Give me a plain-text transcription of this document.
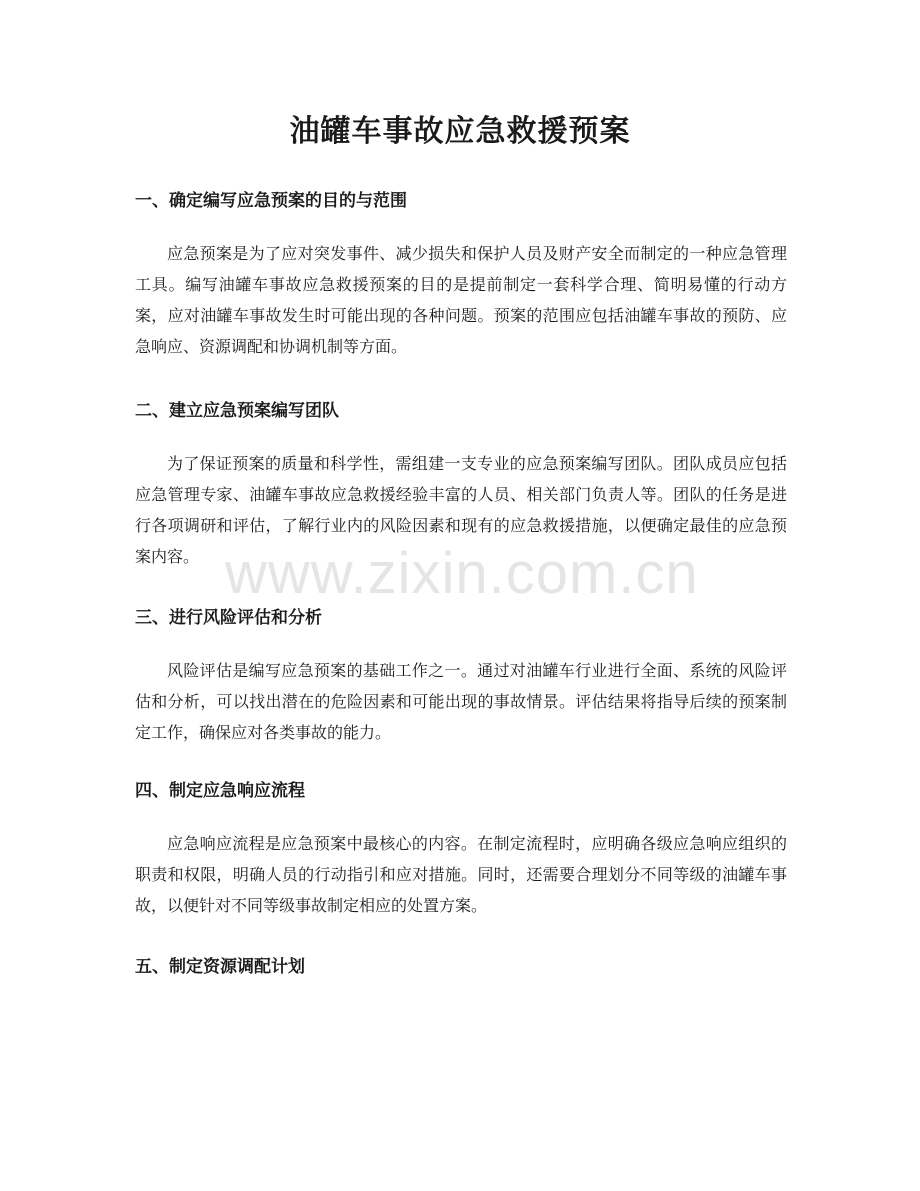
油罐车事故应急救援预案
一、确定编写应急预案的目的与范围

应急预案是为了应对突发事件、减少损失和保护人员及财产安全而制定的一种应急管理工具。编写油罐车事故应急救援预案的目的是提前制定一套科学合理、简明易懂的行动方案，应对油罐车事故发生时可能出现的各种问题。预案的范围应包括油罐车事故的预防、应急响应、资源调配和协调机制等方面。

二、建立应急预案编写团队

为了保证预案的质量和科学性，需组建一支专业的应急预案编写团队。团队成员应包括应急管理专家、油罐车事故应急救援经验丰富的人员、相关部门负责人等。团队的任务是进行各项调研和评估，了解行业内的风险因素和现有的应急救援措施，以便确定最佳的应急预案内容。

三、进行风险评估和分析

风险评估是编写应急预案的基础工作之一。通过对油罐车行业进行全面、系统的风险评估和分析，可以找出潜在的危险因素和可能出现的事故情景。评估结果将指导后续的预案制定工作，确保应对各类事故的能力。

四、制定应急响应流程

应急响应流程是应急预案中最核心的内容。在制定流程时，应明确各级应急响应组织的职责和权限，明确人员的行动指引和应对措施。同时，还需要合理划分不同等级的油罐车事故，以便针对不同等级事故制定相应的处置方案。

五、制定资源调配计划
www.zixin.com.cn
